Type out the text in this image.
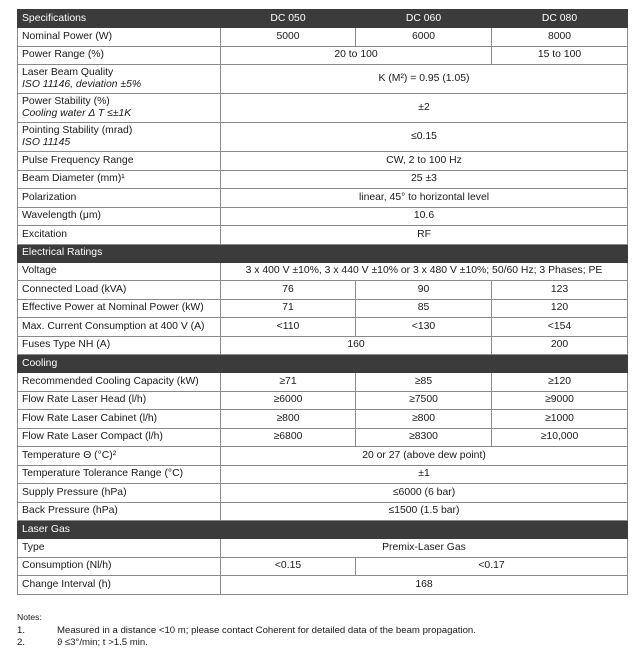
Specifications	DC 050	DC 060	DC 080
Nominal Power (W)	5000	6000	8000
Power Range (%)	20 to 100		15 to 100
Laser Beam Quality
ISO 11146, deviation ±5%	K (M²) = 0.95 (1.05)		
Power Stability (%)
Cooling water Δ T ≤±1K	±2		
Pointing Stability (mrad)
ISO 11145	≤0.15		
Pulse Frequency Range	CW, 2 to 100 Hz		
Beam Diameter (mm)¹	25 ±3		
Polarization	linear, 45° to horizontal level		
Wavelength (μm)	10.6		
Excitation	RF		
Electrical Ratings			
Voltage	3 x 400 V ±10%, 3 x 440 V ±10% or 3 x 480 V ±10%; 50/60 Hz; 3 Phases; PE		
Connected Load (kVA)	76	90	123
Effective Power at Nominal Power (kW)	71	85	120
Max. Current Consumption at 400 V (A)	<110	<130	<154
Fuses Type NH (A)	160		200
Cooling			
Recommended Cooling Capacity (kW)	≥71	≥85	≥120
Flow Rate Laser Head (l/h)	≥6000	≥7500	≥9000
Flow Rate Laser Cabinet (l/h)	≥800	≥800	≥1000
Flow Rate Laser Compact (l/h)	≥6800	≥8300	≥10,000
Temperature Θ (°C)²	20 or 27 (above dew point)		
Temperature Tolerance Range (°C)	±1		
Supply Pressure (hPa)	≤6000 (6 bar)		
Back Pressure (hPa)	≤1500 (1.5 bar)		
Laser Gas			
Type	Premix-Laser Gas		
Consumption (Nl/h)	<0.15	<0.17	
Change Interval (h)	168		
Notes:
1.	Measured in a distance <10 m; please contact Coherent for detailed data of the beam propagation.
2.	ϑ ≤3°/min; t >1.5 min.
